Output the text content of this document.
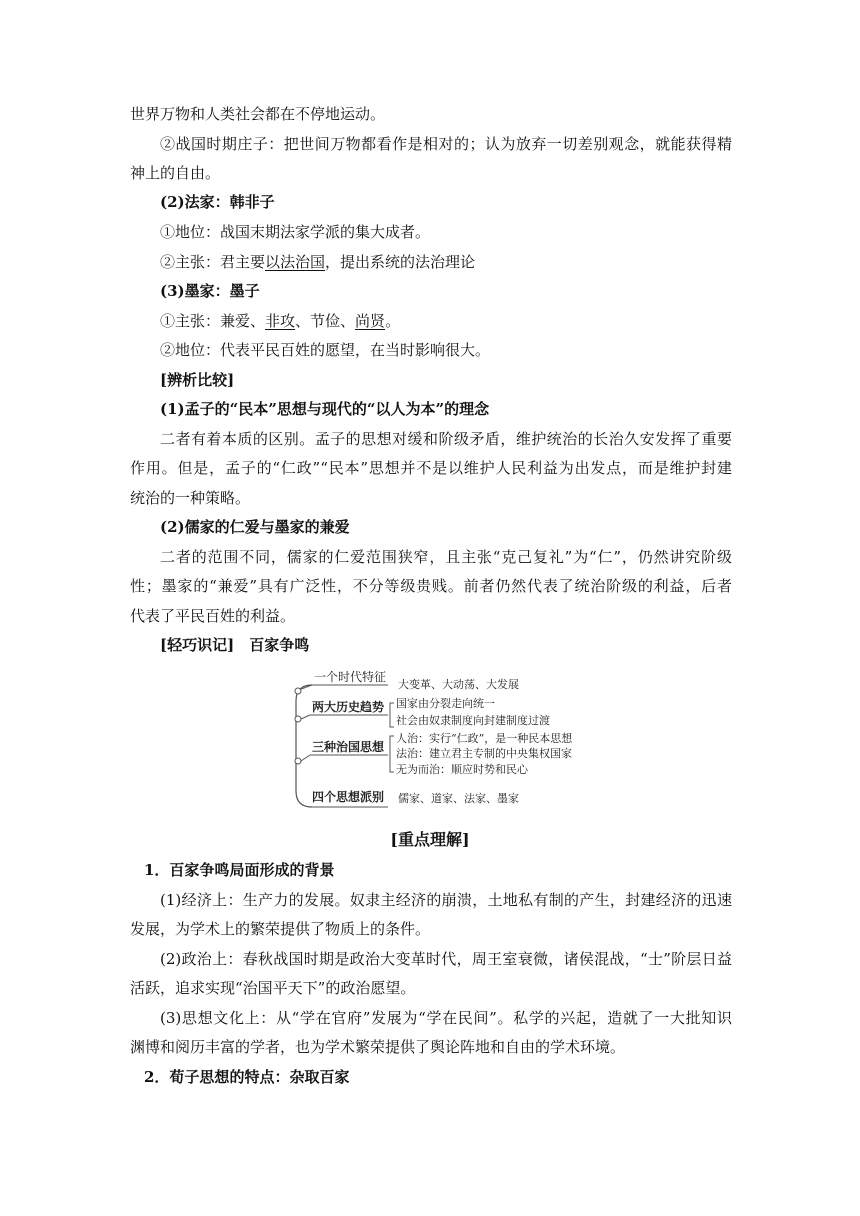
世界万物和人类社会都在不停地运动。
②战国时期庄子：把世间万物都看作是相对的；认为放弃一切差别观念，就能获得精
神上的自由。
(2)法家：韩非子
①地位：战国末期法家学派的集大成者。
②主张：君主要以法治国，提出系统的法治理论
(3)墨家：墨子
①主张：兼爱、非攻、节俭、尚贤。
②地位：代表平民百姓的愿望，在当时影响很大。
[辨析比较]
(1)孟子的“民本”思想与现代的“以人为本”的理念
二者有着本质的区别。孟子的思想对缓和阶级矛盾，维护统治的长治久安发挥了重要
作用。但是，孟子的“仁政”“民本”思想并不是以维护人民利益为出发点，而是维护封建
统治的一种策略。
(2)儒家的仁爱与墨家的兼爱
二者的范围不同，儒家的仁爱范围狭窄，且主张“克己复礼”为“仁”，仍然讲究阶级
性；墨家的“兼爱”具有广泛性，不分等级贵贱。前者仍然代表了统治阶级的利益，后者
代表了平民百姓的利益。
[轻巧识记]　百家争鸣
一个时代特征
大变革、大动荡、大发展
两大历史趋势 国家由分裂走向统一
社会由奴隶制度向封建制度过渡
三种治国思想
人治：实行“仁政”，是一种民本思想
法治：建立君主专制的中央集权国家
无为而治：顺应时势和民心
四个思想派别 儒家、道家、法家、墨家
[重点理解]
1．百家争鸣局面形成的背景
(1)经济上：生产力的发展。奴隶主经济的崩溃，土地私有制的产生，封建经济的迅速
发展，为学术上的繁荣提供了物质上的条件。
(2)政治上：春秋战国时期是政治大变革时代，周王室衰微，诸侯混战，“士”阶层日益
活跃，追求实现“治国平天下”的政治愿望。
(3)思想文化上：从“学在官府”发展为“学在民间”。私学的兴起，造就了一大批知识
渊博和阅历丰富的学者，也为学术繁荣提供了舆论阵地和自由的学术环境。
2．荀子思想的特点：杂取百家
